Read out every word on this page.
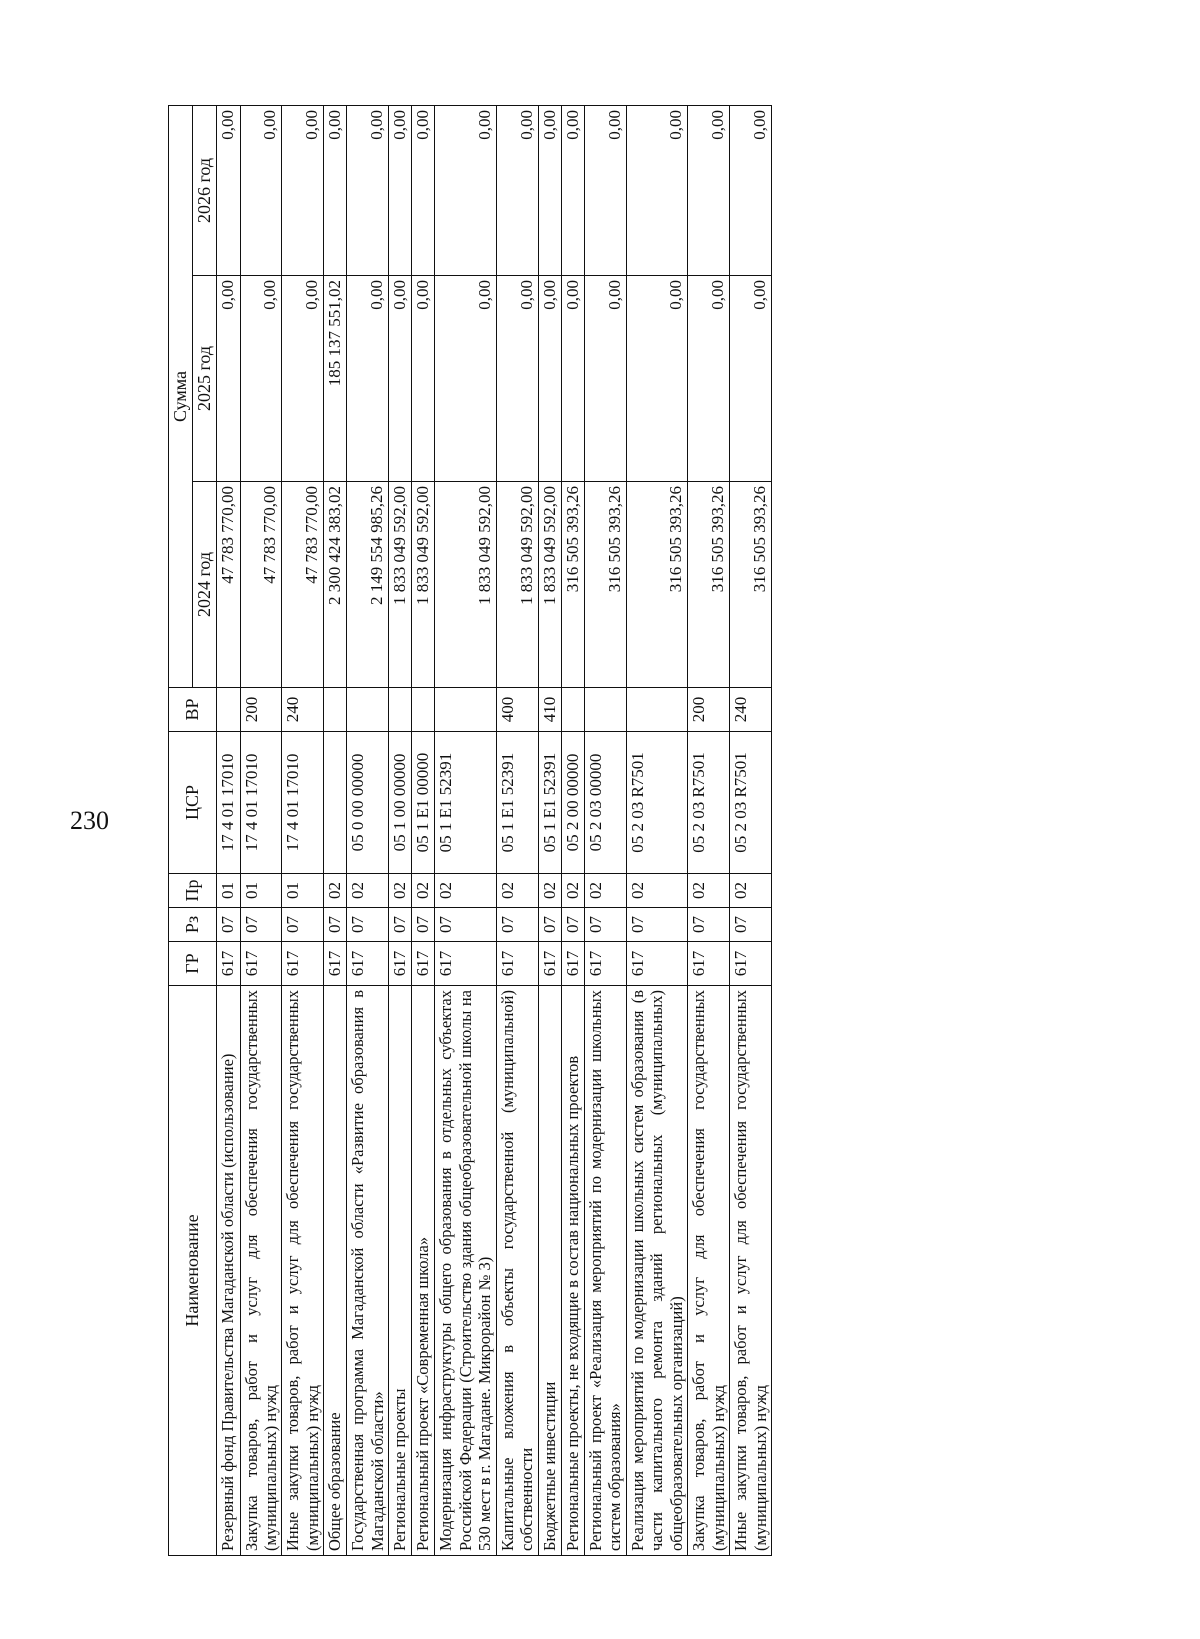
230
Наименование	ГР	Рз	Пр	ЦСР	ВР	Сумма		
						2024 год	2025 год	2026 год
Резервный фонд Правительства Магаданской области (использование)	617	07	01	17 4 01 17010		47 783 770,00	0,00	0,00
Закупка товаров, работ и услуг для обеспечения государственных (муниципальных) нужд	617	07	01	17 4 01 17010	200	47 783 770,00	0,00	0,00
Иные закупки товаров, работ и услуг для обеспечения государственных (муниципальных) нужд	617	07	01	17 4 01 17010	240	47 783 770,00	0,00	0,00
Общее образование	617	07	02			2 300 424 383,02	185 137 551,02	0,00
Государственная программа Магаданской области «Развитие образования в Магаданской области»	617	07	02	05 0 00 00000		2 149 554 985,26	0,00	0,00
Региональные проекты	617	07	02	05 1 00 00000		1 833 049 592,00	0,00	0,00
Региональный проект «Современная школа»	617	07	02	05 1 E1 00000		1 833 049 592,00	0,00	0,00
Модернизация инфраструктуры общего образования в отдельных субъектах Российской Федерации (Строительство здания общеобразовательной школы на 530 мест в г. Магадане. Микрорайон № 3)	617	07	02	05 1 E1 52391		1 833 049 592,00	0,00	0,00
Капитальные вложения в объекты государственной (муниципальной) собственности	617	07	02	05 1 E1 52391	400	1 833 049 592,00	0,00	0,00
Бюджетные инвестиции	617	07	02	05 1 E1 52391	410	1 833 049 592,00	0,00	0,00
Региональные проекты, не входящие в состав национальных проектов	617	07	02	05 2 00 00000		316 505 393,26	0,00	0,00
Региональный проект «Реализация мероприятий по модернизации школьных систем образования»	617	07	02	05 2 03 00000		316 505 393,26	0,00	0,00
Реализация мероприятий по модернизации школьных систем образования (в части капитального ремонта зданий региональных (муниципальных) общеобразовательных организаций)	617	07	02	05 2 03 R7501		316 505 393,26	0,00	0,00
Закупка товаров, работ и услуг для обеспечения государственных (муниципальных) нужд	617	07	02	05 2 03 R7501	200	316 505 393,26	0,00	0,00
Иные закупки товаров, работ и услуг для обеспечения государственных (муниципальных) нужд	617	07	02	05 2 03 R7501	240	316 505 393,26	0,00	0,00
